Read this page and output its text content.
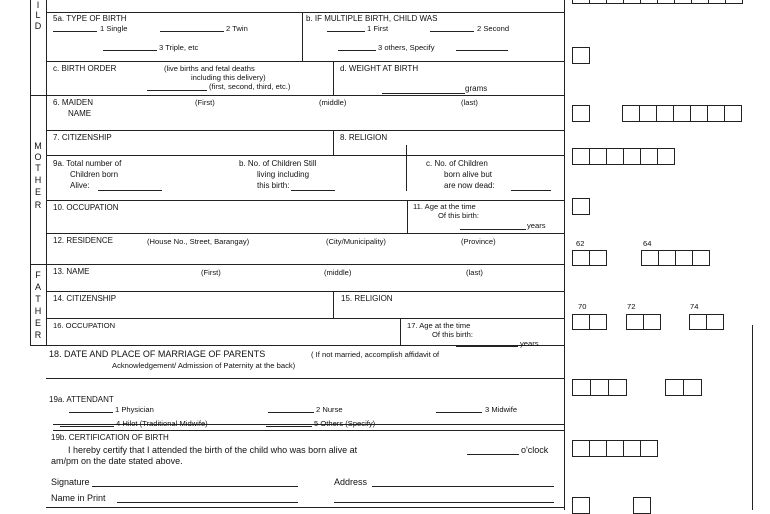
I
L
D
M
O
T
H
E
R
F
A
T
H
E
R
5a. TYPE OF BIRTH
1 Single	2 Twin
3 Triple, etc
b. IF MULTIPLE BIRTH, CHILD WAS
1 First	2 Second
3 others, Specify
c. BIRTH ORDER	(live births and fetal deaths
including this delivery)
(first, second, third, etc.)
d. WEIGHT AT BIRTH
grams
6. MAIDEN
NAME
(First)	(middle)	(last)
7. CITIZENSHIP	8. RELIGION
9a. Total number of
Children born
Alive:
b. No. of Children Still
living including
this birth:
c. No. of Children
born alive but
are now dead:
10. OCCUPATION	11. Age at the time
Of this birth:
years
12. RESIDENCE	(House No., Street, Barangay)	(City/Municipality)	(Province)
13. NAME	(First)	(middle)	(last)
14. CITIZENSHIP	15. RELIGION
16. OCCUPATION	17. Age at the time
Of this birth:
years
18. DATE AND PLACE OF MARRIAGE OF PARENTS	( If not married, accomplish affidavit of
Acknowledgement/ Admission of Paternity at the back)
19a. ATTENDANT
1 Physician	2 Nurse	3 Midwife
4 Hilot (Traditional Midwife)	5 Others (Specify)
19b. CERTIFICATION OF BIRTH
I hereby certify that I attended the birth of the child who was born alive at	o'clock
am/pm on the date stated above.
Signature	Address
Name in Print
62	64
70	72	74
